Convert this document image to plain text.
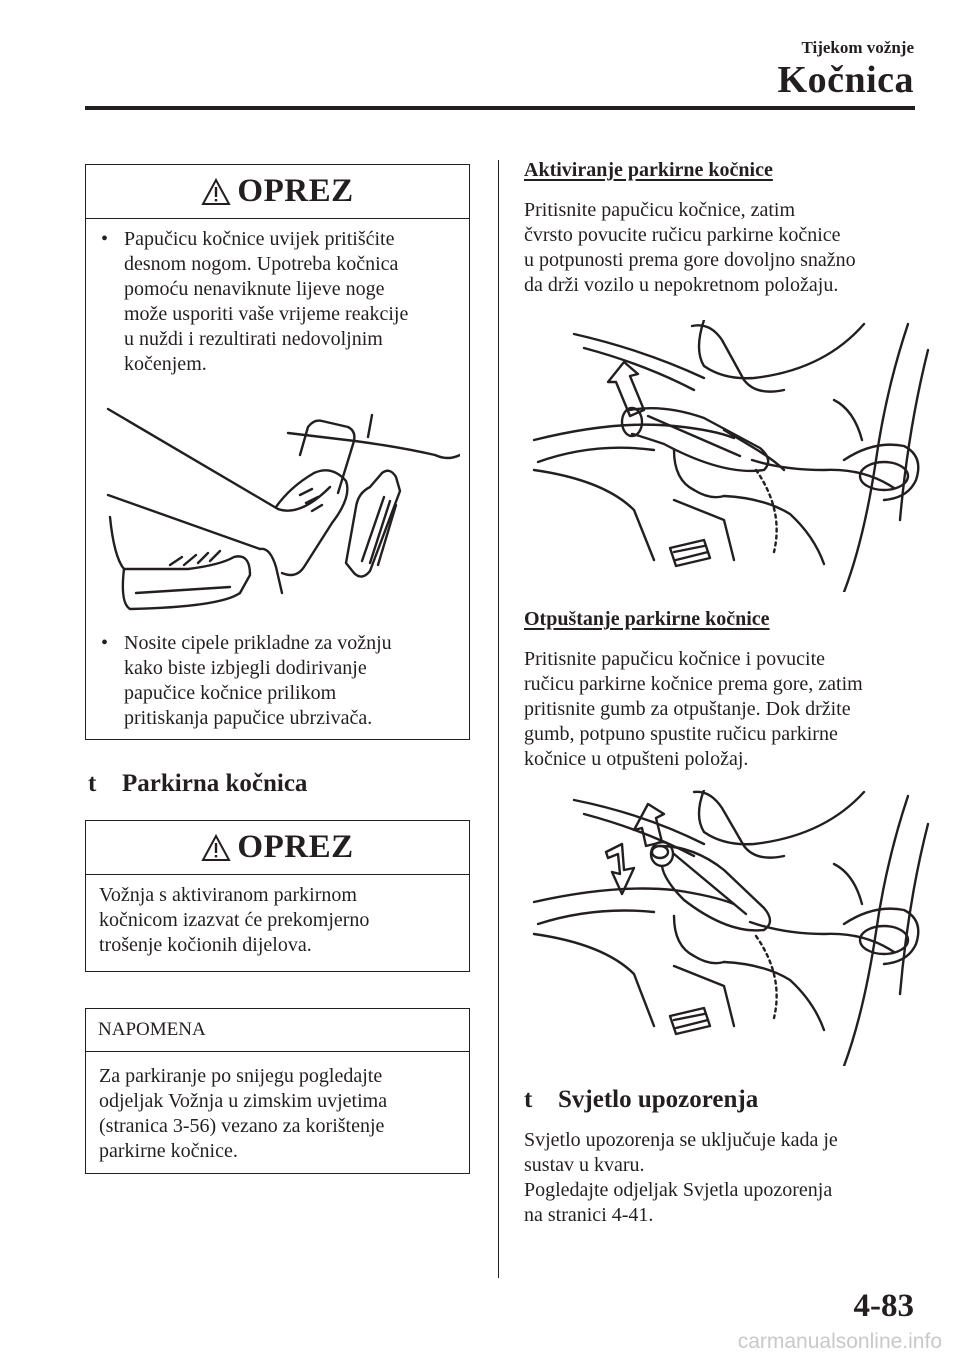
Tijekom vožnje
Kočnica
OPREZ
• Papučicu kočnice uvijek pritišćite
desnom nogom. Upotreba kočnica
pomoću nenaviknute lijeve noge
može usporiti vaše vrijeme reakcije
u nuždi i rezultirati nedovoljnim
kočenjem.
• Nosite cipele prikladne za vožnju
kako biste izbjegli dodirivanje
papučice kočnice prilikom
pritiskanja papučice ubrzivača.
t Parkirna kočnica
OPREZ
Vožnja s aktiviranom parkirnom
kočnicom izazvat će prekomjerno
trošenje kočionih dijelova.
NAPOMENA
Za parkiranje po snijegu pogledajte
odjeljak Vožnja u zimskim uvjetima
(stranica 3-56) vezano za korištenje
parkirne kočnice.
Aktiviranje parkirne kočnice
Pritisnite papučicu kočnice, zatim
čvrsto povucite ručicu parkirne kočnice
u potpunosti prema gore dovoljno snažno
da drži vozilo u nepokretnom položaju.
Otpuštanje parkirne kočnice
Pritisnite papučicu kočnice i povucite
ručicu parkirne kočnice prema gore, zatim
pritisnite gumb za otpuštanje. Dok držite
gumb, potpuno spustite ručicu parkirne
kočnice u otpušteni položaj.
t Svjetlo upozorenja
Svjetlo upozorenja se uključuje kada je
sustav u kvaru.
Pogledajte odjeljak Svjetla upozorenja
na stranici 4-41.
4-83
carmanualsonline.info
